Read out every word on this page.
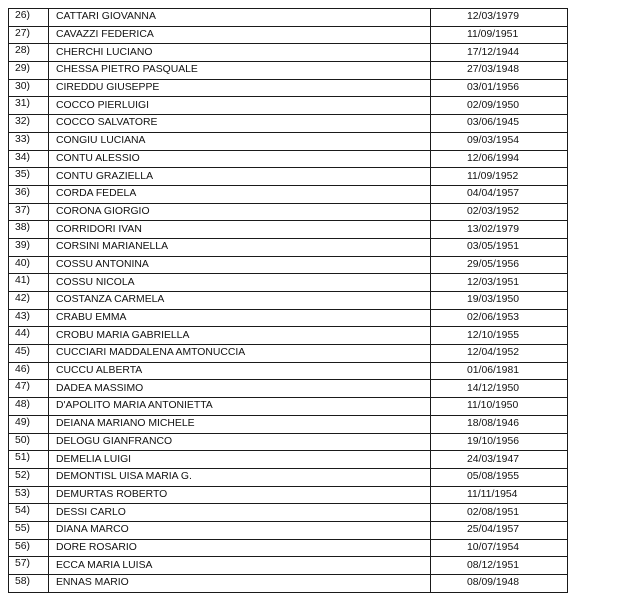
26)	CATTARI GIOVANNA	12/03/1979
27)	CAVAZZI FEDERICA	11/09/1951
28)	CHERCHI LUCIANO	17/12/1944
29)	CHESSA PIETRO PASQUALE	27/03/1948
30)	CIREDDU GIUSEPPE	03/01/1956
31)	COCCO PIERLUIGI	02/09/1950
32)	COCCO SALVATORE	03/06/1945
33)	CONGIU LUCIANA	09/03/1954
34)	CONTU ALESSIO	12/06/1994
35)	CONTU GRAZIELLA	11/09/1952
36)	CORDA FEDELA	04/04/1957
37)	CORONA GIORGIO	02/03/1952
38)	CORRIDORI IVAN	13/02/1979
39)	CORSINI MARIANELLA	03/05/1951
40)	COSSU ANTONINA	29/05/1956
41)	COSSU NICOLA	12/03/1951
42)	COSTANZA CARMELA	19/03/1950
43)	CRABU EMMA	02/06/1953
44)	CROBU MARIA GABRIELLA	12/10/1955
45)	CUCCIARI MADDALENA AMTONUCCIA	12/04/1952
46)	CUCCU ALBERTA	01/06/1981
47)	DADEA MASSIMO	14/12/1950
48)	D'APOLITO MARIA ANTONIETTA	11/10/1950
49)	DEIANA MARIANO MICHELE	18/08/1946
50)	DELOGU GIANFRANCO	19/10/1956
51)	DEMELIA LUIGI	24/03/1947
52)	DEMONTISL UISA MARIA G.	05/08/1955
53)	DEMURTAS ROBERTO	11/11/1954
54)	DESSI CARLO	02/08/1951
55)	DIANA MARCO	25/04/1957
56)	DORE ROSARIO	10/07/1954
57)	ECCA MARIA LUISA	08/12/1951
58)	ENNAS MARIO	08/09/1948
